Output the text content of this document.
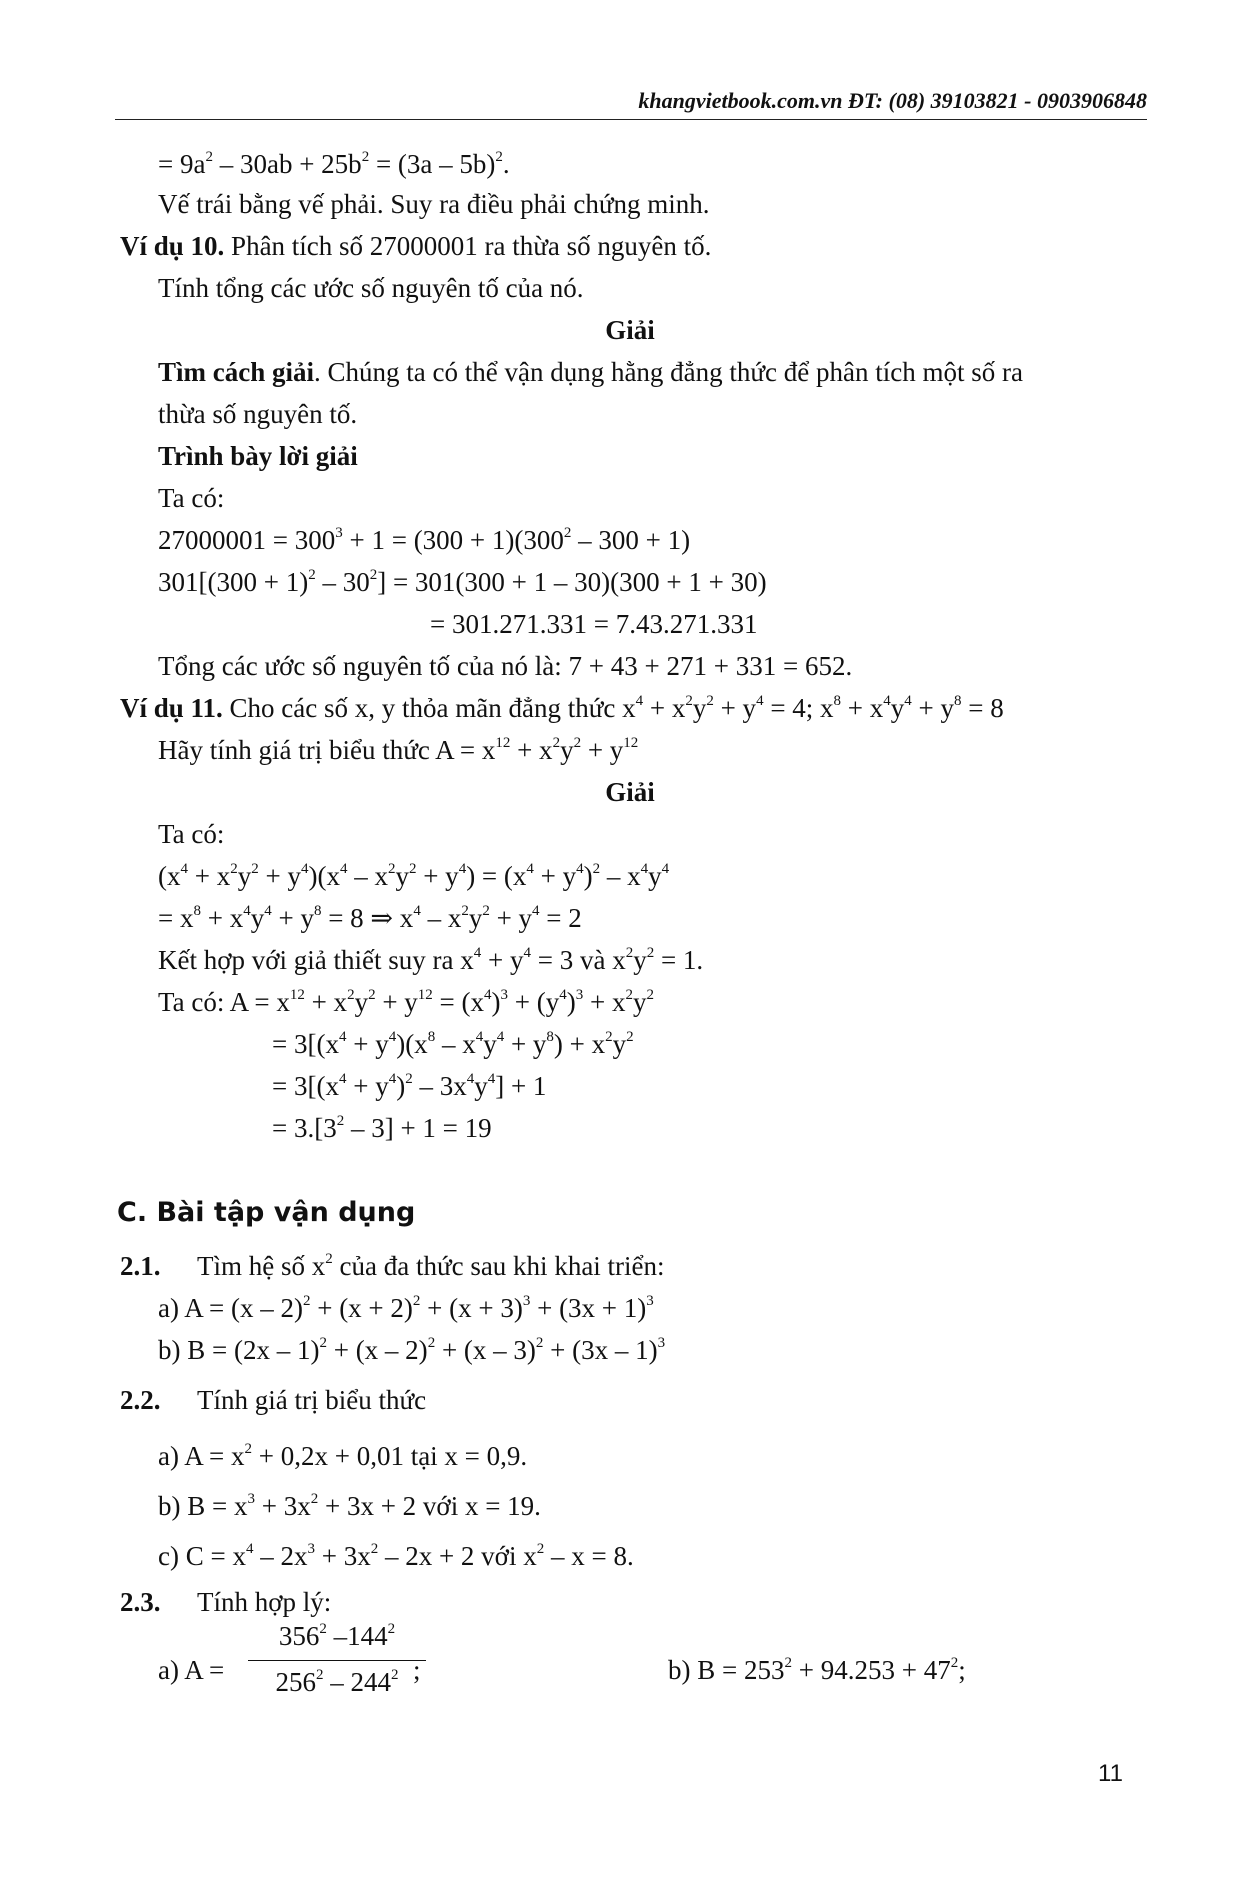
khangvietbook.com.vn ĐT: (08) 39103821 - 0903906848
= $9a^2 - 30ab + 25b^2 = (3a - 5b)^2$.
Vế trái bằng vế phải. Suy ra điều phải chứng minh.
Ví dụ 10. Phân tích số 27000001 ra thừa số nguyên tố.
Tính tổng các ước số nguyên tố của nó.
Giải
Tìm cách giải. Chúng ta có thể vận dụng hằng đẳng thức để phân tích một số ra
thừa số nguyên tố.
Trình bày lời giải
Ta có:
$27000001 = 300^3 + 1 = (300 + 1)(300^2 - 300 + 1)$
$301[(300 + 1)^2 - 30^2] = 301(300 + 1 - 30)(300 + 1 + 30)$
= 301.271.331 = 7.43.271.331
Tổng các ước số nguyên tố của nó là: 7 + 43 + 271 + 331 = 652.
Ví dụ 11. Cho các số x, y thỏa mãn đẳng thức $x^4 + x^2y^2 + y^4 = 4$; $x^8 + x^4y^4 + y^8 = 8$
Hãy tính giá trị biểu thức $A = x^{12} + x^2y^2 + y^{12}$
Giải
Ta có:
$(x^4 + x^2y^2 + y^4)(x^4 - x^2y^2 + y^4) = (x^4 + y^4)^2 - x^4y^4$
= $x^8 + x^4y^4 + y^8 = 8$ ⇒ $x^4 - x^2y^2 + y^4 = 2$
Kết hợp với giả thiết suy ra $x^4 + y^4 = 3$ và $x^2y^2 = 1$.
Ta có: $A = x^{12} + x^2y^2 + y^{12} = (x^4)^3 + (y^4)^3 + x^2y^2$
= $3[(x^4 + y^4)(x^8 - x^4y^4 + y^8) + x^2y^2$
= $3[(x^4 + y^4)^2 - 3x^4y^4] + 1$
= $3.[3^2 - 3] + 1 = 19$
C. Bài tập vận dụng
2.1. Tìm hệ số $x^2$ của đa thức sau khi khai triển:
a) $A = (x - 2)^2 + (x + 2)^2 + (x + 3)^3 + (3x + 1)^3$
b) B = (2x – 1)$^2$ + (x – 2)$^2$ + (x – 3)$^2$ + (3x – 1)$^3$
2.2. Tính giá trị biểu thức
a) $A = x^2 + 0,2x + 0,01$ tại x = 0,9.
b) $B = x^3 + 3x^2 + 3x + 2$ với x = 19.
c) $C = x^4 - 2x^3 + 3x^2 - 2x + 2$ với $x^2 - x = 8$.
2.3. Tính hợp lý:
a) A =
$356^2$ $-144^2$
$256^2 - 244^2$ ;	b) $B = 253^2 + 94.253 + 47^2$;
11
